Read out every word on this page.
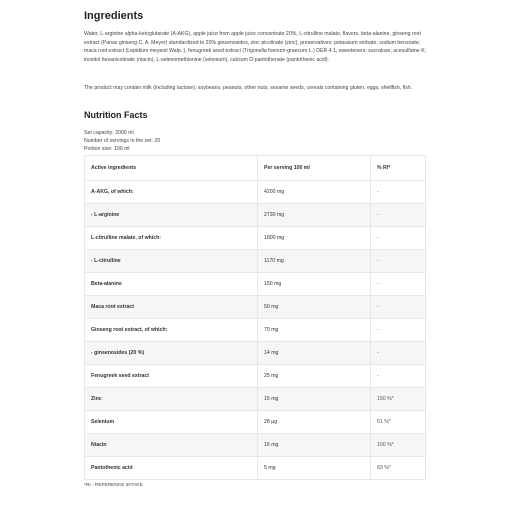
Ingredients

Water, L-arginine alpha-ketoglutarate (A-AKG), apple juice from apple juice concentrate 20%, L-citrulline malate, flavors, beta-alanine, ginseng root extract (Panax ginseng C. A. Meyer) standardized to 20% ginsenosides, zinc picolinate (zinc), preservatives: potassium sorbate, sodium benzoate; maca root extract (Lepidium meyenii Walp. ), fenugreek seed extract (Trigonella foenum-graecum L.) DER 4:1, sweeteners: sucralose, acesulfame K; inositol hexanicotinate (niacin), L-selenomethionine (selenium), calcium D-pantothenate (pantothenic acid).

The product may contain milk (including lactose), soybeans, peanuts, other nuts, sesame seeds, cereals containing gluten, eggs, shellfish, fish.

Nutrition Facts
Set capacity: 2000 ml
Number of servings in the set: 20
Portion size: 100 ml
Active ingredients	Per serving 100 ml	% RI*
A-AKG, of which:	4200 mg	-
- L-arginine	2730 mg	-
L-citrulline malate, of which:	1800 mg	-
- L-citrulline	1170 mg	-
Beta-alanine	150 mg	-
Maca root extract	50 mg	-
Ginseng root extract, of which:	70 mg	-
- ginsenosides (20 %)	14 mg	-
Fenugreek seed extract	25 mg	-
Zinc	15 mg	150 %*
Selenium	28 µg	51 %*
Niacin	16 mg	100 %*
Pantothenic acid	5 mg	83 %*
*RI - REFERENCE INTAKE
